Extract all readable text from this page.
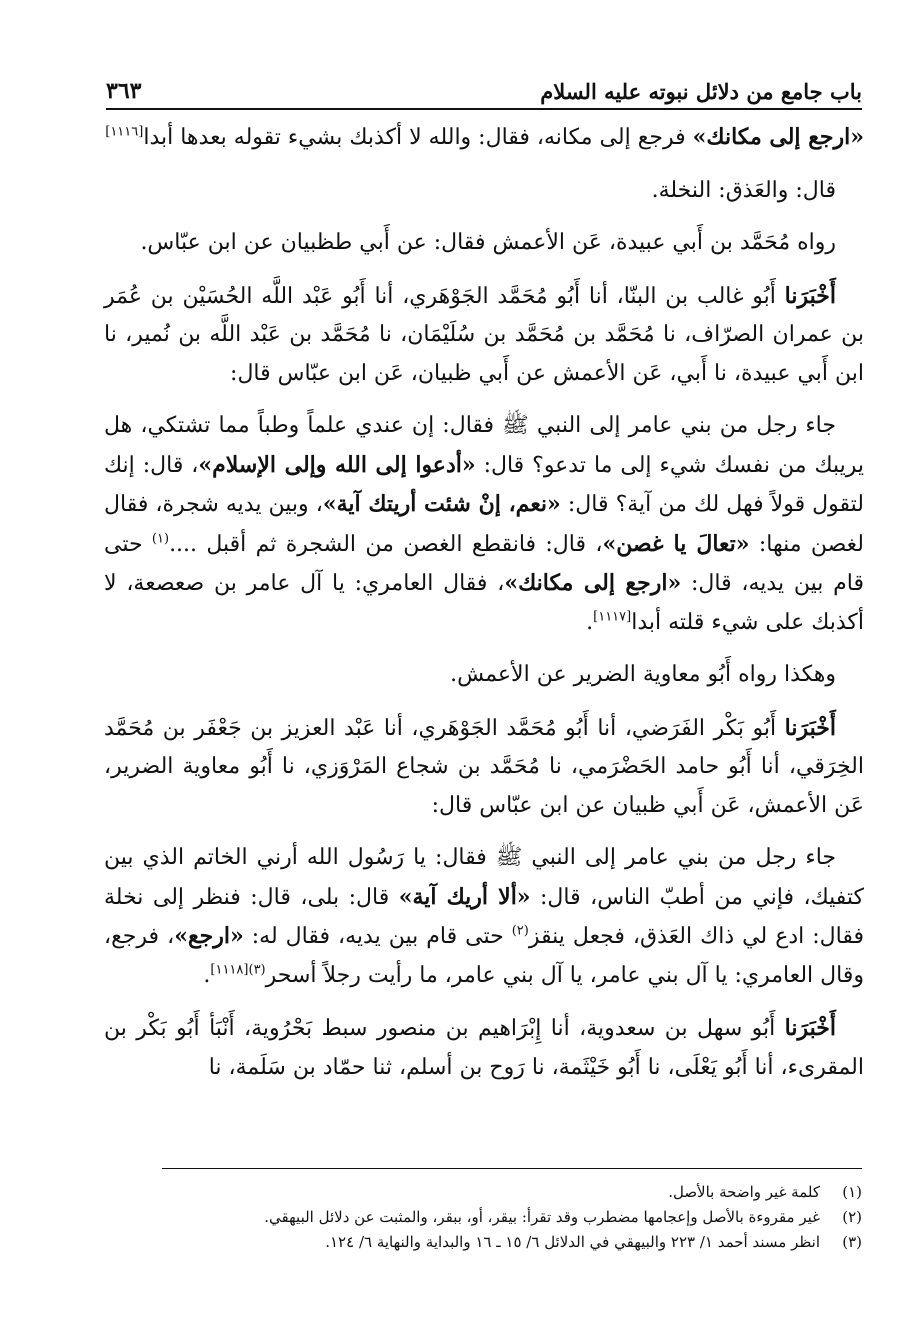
باب جامع من دلائل نبوته عليه السلام
٣٦٣

«ارجع إلى مكانك» فرجع إلى مكانه، فقال: والله لا أكذبك بشيء تقوله بعدها أبدا[١١١٦]

قال: والعَذق: النخلة.

رواه مُحَمَّد بن أَبي عبيدة، عَن الأعمش فقال: عن أَبي طظبيان عن ابن عبّاس.

أَخْبَرَنا أَبُو غالب بن البنّا، أنا أَبُو مُحَمَّد الجَوْهَري، أنا أَبُو عَبْد اللَّه الحُسَيْن بن عُمَر بن عمران الصرّاف، نا مُحَمَّد بن مُحَمَّد بن سُلَيْمَان، نا مُحَمَّد بن عَبْد اللَّه بن نُمير، نا ابن أَبي عبيدة، نا أَبي، عَن الأعمش عن أَبي ظبيان، عَن ابن عبّاس قال:

جاء رجل من بني عامر إلى النبي ﷺ فقال: إن عندي علماً وطباً مما تشتكي، هل يريبك من نفسك شيء إلى ما تدعو؟ قال: «أدعوا إلى الله وإلى الإسلام»، قال: إنك لتقول قولاً فهل لك من آية؟ قال: «نعم، إنْ شئت أريتك آية»، وبين يديه شجرة، فقال لغصن منها: «تعالَ يا غصن»، قال: فانقطع الغصن من الشجرة ثم أقبل ....$^{(١)}$ حتى قام بين يديه، قال: «ارجع إلى مكانك»، فقال العامري: يا آل عامر بن صعصعة، لا أكذبك على شيء قلته أبدا[١١١٧].

وهكذا رواه أَبُو معاوية الضرير عن الأعمش.

أَخْبَرَنا أَبُو بَكْر الفَرَضي، أنا أَبُو مُحَمَّد الجَوْهَري، أنا عَبْد العزيز بن جَعْفَر بن مُحَمَّد الخِرَقي، أنا أَبُو حامد الحَضْرَمي، نا مُحَمَّد بن شجاع المَرْوَزي، نا أَبُو معاوية الضرير، عَن الأعمش، عَن أَبي ظبيان عن ابن عبّاس قال:

جاء رجل من بني عامر إلى النبي ﷺ فقال: يا رَسُول الله أرني الخاتم الذي بين كتفيك، فإني من أطبّ الناس، قال: «ألا أريك آية» قال: بلى، قال: فنظر إلى نخلة فقال: ادع لي ذاك العَذق، فجعل ينقز$^{(٢)}$ حتى قام بين يديه، فقال له: «ارجع»، فرجع، وقال العامري: يا آل بني عامر، يا آل بني عامر، ما رأيت رجلاً أسحر$^{(٣)[١١١٨]}$.

أَخْبَرَنا أَبُو سهل بن سعدوية، أنا إِبْرَاهيم بن منصور سبط بَحْرُوية، أَنْبَأ أَبُو بَكْر بن المقرىء، أنا أَبُو يَعْلَى، نا أَبُو خَيْثَمة، نا رَوح بن أسلم، ثنا حمّاد بن سَلَمة، نا

(١)
كلمة غير واضحة بالأصل.
(٢)
غير مقروءة بالأصل وإعجامها مضطرب وقد تقرأ: بيقر، أو، ببقر، والمثبت عن دلائل البيهقي.
(٣)
انظر مسند أحمد ١/ ٢٢٣ والبيهقي في الدلائل ٦/ ١٥ ـ ١٦ والبداية والنهاية ٦/ ١٢٤.
